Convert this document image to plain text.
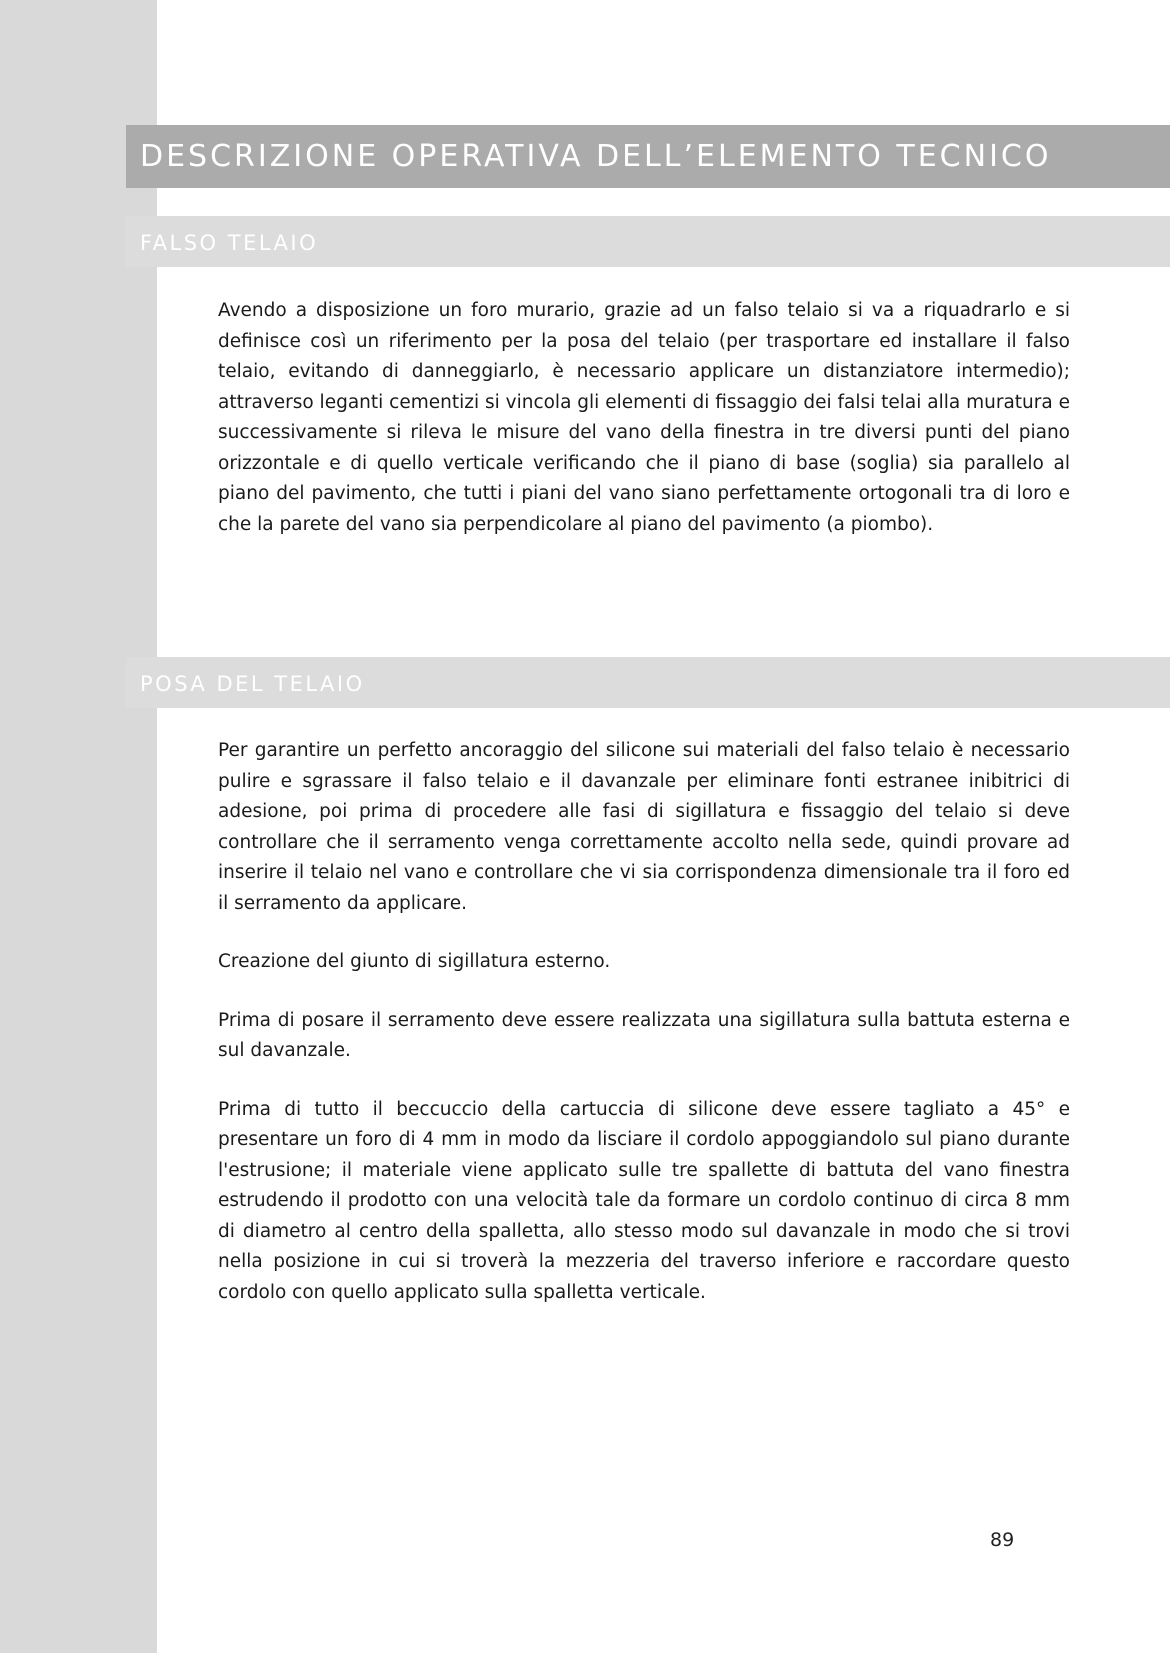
DESCRIZIONE OPERATIVA DELL’ELEMENTO TECNICO
FALSO TELAIO

Avendo a disposizione un foro murario, grazie ad un falso telaio si va a riquadrarlo e si definisce così un riferimento per la posa del telaio (per trasportare ed installare il falso telaio, evitando di danneggiarlo, è necessario applicare un distanziatore intermedio); attraverso leganti cementizi si vincola gli elementi di fissaggio dei falsi telai alla muratura e successivamente si rileva le misure del vano della finestra in tre diversi punti del piano orizzontale e di quello verticale verificando che il piano di base (soglia) sia parallelo al piano del pavimento, che tutti i piani del vano siano perfettamente ortogonali tra di loro e che la parete del vano sia perpendicolare al piano del pavimento (a piombo).

POSA DEL TELAIO

Per garantire un perfetto ancoraggio del silicone sui materiali del falso telaio è necessario pulire e sgrassare il falso telaio e il davanzale per eliminare fonti estranee inibitrici di adesione, poi prima di procedere alle fasi di sigillatura e fissaggio del telaio si deve controllare che il serramento venga correttamente accolto nella sede, quindi provare ad inserire il telaio nel vano e controllare che vi sia corrispondenza dimensionale tra il foro ed il serramento da applicare.

Creazione del giunto di sigillatura esterno.

Prima di posare il serramento deve essere realizzata una sigillatura sulla battuta esterna e sul davanzale.

Prima di tutto il beccuccio della cartuccia di silicone deve essere tagliato a 45° e presentare un foro di 4 mm in modo da lisciare il cordolo appoggiandolo sul piano durante l'estrusione; il materiale viene applicato sulle tre spallette di battuta del vano finestra estrudendo il prodotto con una velocità tale da formare un cordolo continuo di circa 8 mm di diametro al centro della spalletta, allo stesso modo sul davanzale in modo che si trovi nella posizione in cui si troverà la mezzeria del traverso inferiore e raccordare questo cordolo con quello applicato sulla spalletta verticale.

89
